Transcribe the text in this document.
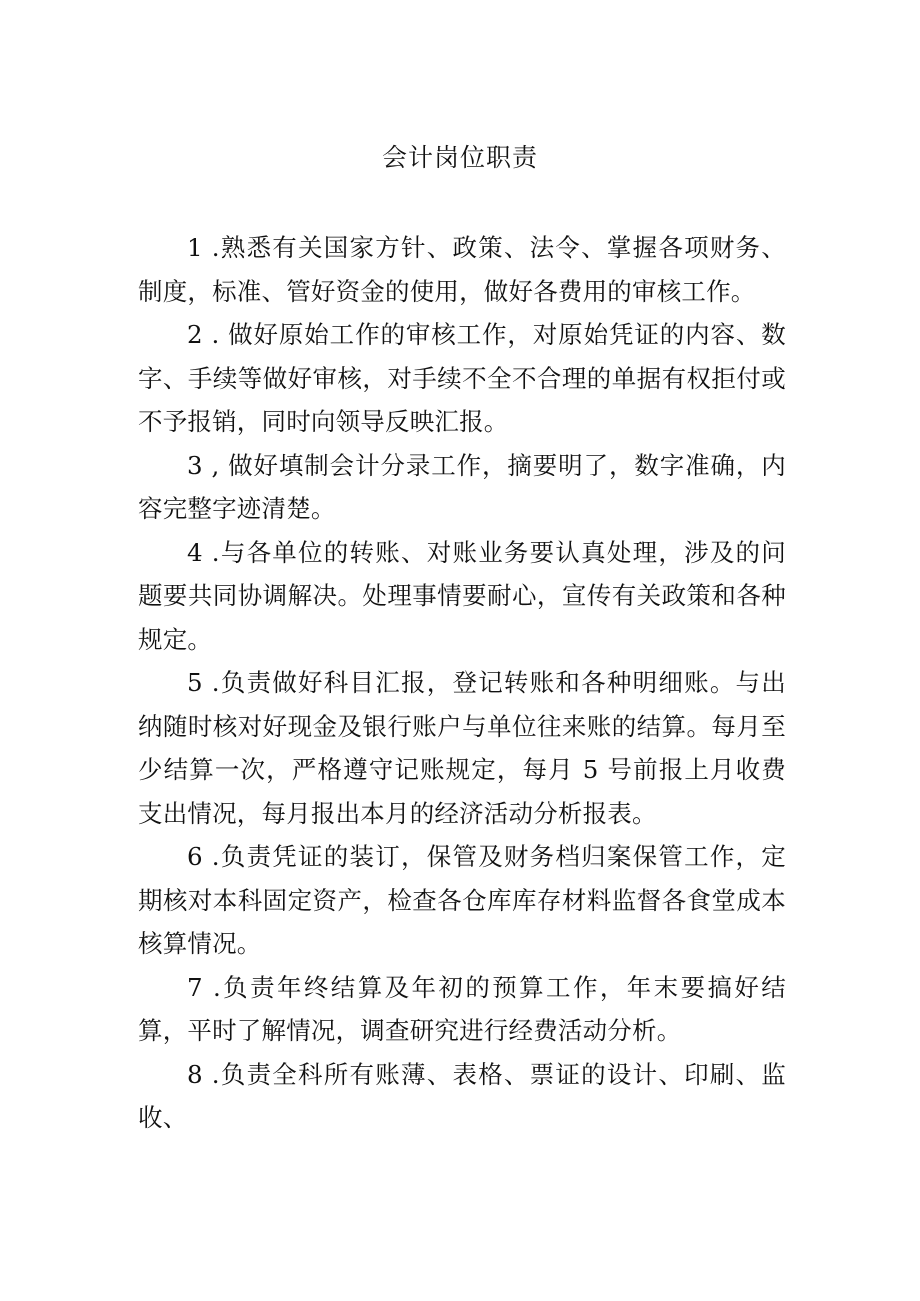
会计岗位职责

1 .熟悉有关国家方针、政策、法令、掌握各项财务、制度，标准、管好资金的使用，做好各费用的审核工作。

2 . 做好原始工作的审核工作，对原始凭证的内容、数字、手续等做好审核，对手续不全不合理的单据有权拒付或不予报销，同时向领导反映汇报。

3 , 做好填制会计分录工作，摘要明了，数字准确，内容完整字迹清楚。

4 .与各单位的转账、对账业务要认真处理，涉及的问题要共同协调解决。处理事情要耐心，宣传有关政策和各种规定。

5 .负责做好科目汇报，登记转账和各种明细账。与出纳随时核对好现金及银行账户与单位往来账的结算。每月至少结算一次，严格遵守记账规定，每月 5 号前报上月收费支出情况，每月报出本月的经济活动分析报表。

6 .负责凭证的装订，保管及财务档归案保管工作，定期核对本科固定资产，检查各仓库库存材料监督各食堂成本核算情况。

7 .负责年终结算及年初的预算工作，年末要搞好结算，平时了解情况，调查研究进行经费活动分析。

8 .负责全科所有账薄、表格、票证的设计、印刷、监收、
